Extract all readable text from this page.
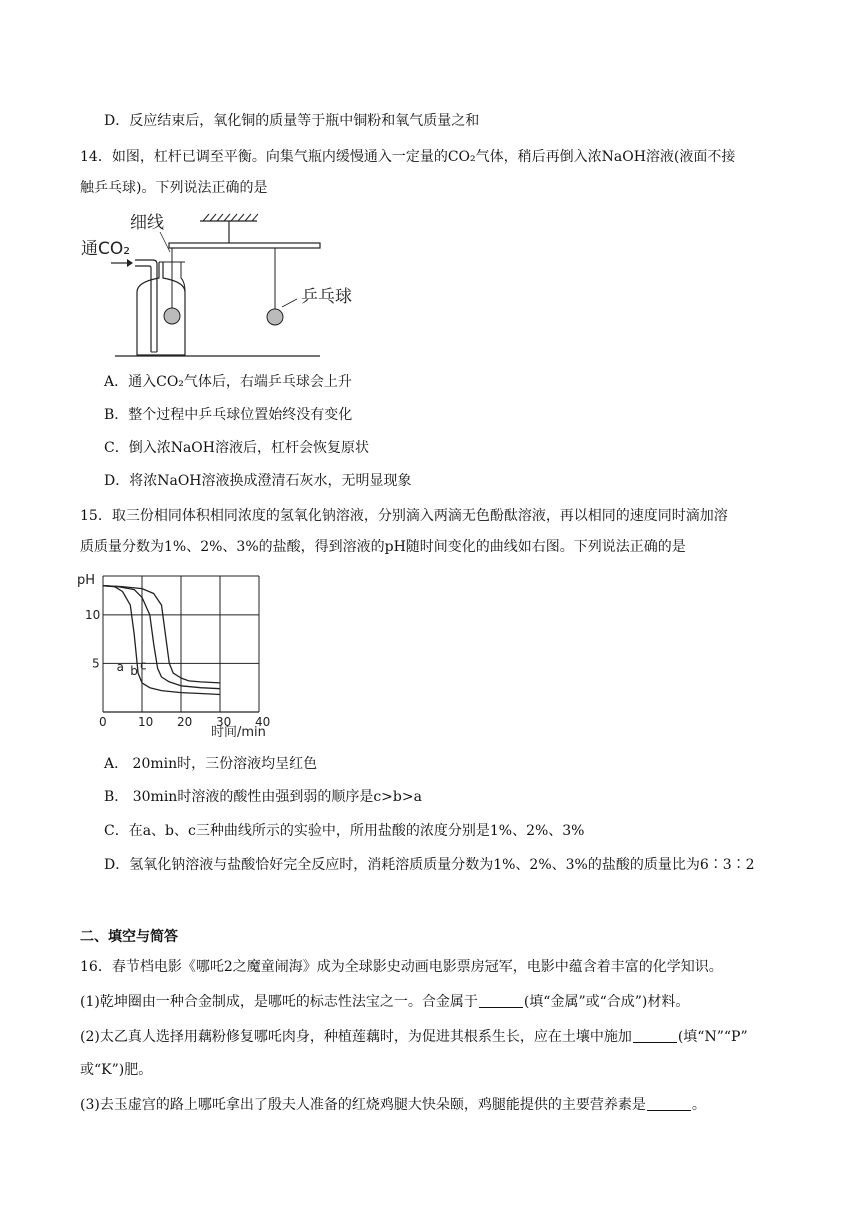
D．反应结束后，氧化铜的质量等于瓶中铜粉和氧气质量之和
14．如图，杠杆已调至平衡。向集气瓶内缓慢通入一定量的CO₂气体，稍后再倒入浓NaOH溶液(液面不接
触乒乓球)。下列说法正确的是
细线
通CO₂
乒乓球
A．通入CO₂气体后，右端乒乓球会上升
B．整个过程中乒乓球位置始终没有变化
C．倒入浓NaOH溶液后，杠杆会恢复原状
D．将浓NaOH溶液换成澄清石灰水，无明显现象
15．取三份相同体积相同浓度的氢氧化钠溶液，分别滴入两滴无色酚酞溶液，再以相同的速度同时滴加溶
质质量分数为1%、2%、3%的盐酸，得到溶液的pH随时间变化的曲线如右图。下列说法正确的是
0	10 20 30 40
5
10
a b c
pH
时间/min
A． 20min时，三份溶液均呈红色
B． 30min时溶液的酸性由强到弱的顺序是c>b>a
C．在a、b、c三种曲线所示的实验中，所用盐酸的浓度分别是1%、2%、3%
D．氢氧化钠溶液与盐酸恰好完全反应时，消耗溶质质量分数为1%、2%、3%的盐酸的质量比为6∶3∶2
二、填空与简答
16．春节档电影《哪吒2之魔童闹海》成为全球影史动画电影票房冠军，电影中蕴含着丰富的化学知识。
(1)乾坤圈由一种合金制成，是哪吒的标志性法宝之一。合金属于	(填“金属”或“合成”)材料。
(2)太乙真人选择用藕粉修复哪吒肉身，种植莲藕时，为促进其根系生长，应在土壤中施加	(填“N”“P”
或“K”)肥。
(3)去玉虚宫的路上哪吒拿出了殷夫人准备的红烧鸡腿大快朵颐，鸡腿能提供的主要营养素是	。
